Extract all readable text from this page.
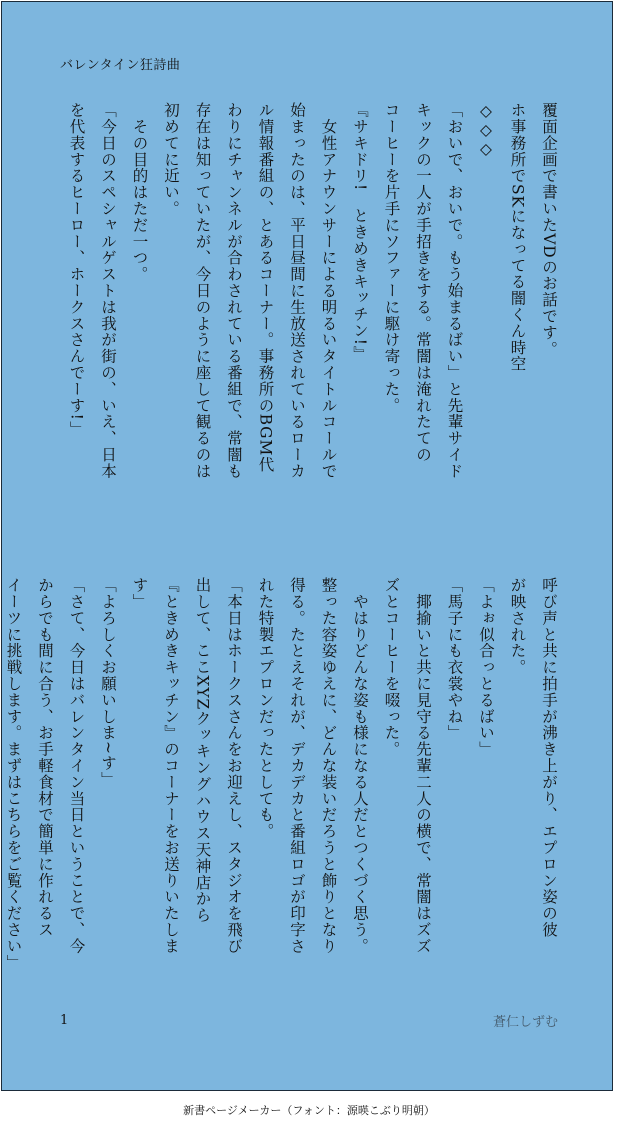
バレンタイン狂詩曲
覆面企画で書いたVDのお話です。
ホ事務所でSKになってる闇くん時空
◇◇◇
「おいで、おいで。もう始まるばい」と先輩サイド
キックの一人が手招きをする。常闇は淹れたての
コーヒーを片手にソファーに駆け寄った。
『サキドリ!　ときめきキッチン!』
　女性アナウンサーによる明るいタイトルコールで
始まったのは、平日昼間に生放送されているローカ
ル情報番組の、とあるコーナー。事務所のBGM代
わりにチャンネルが合わされている番組で、常闇も
存在は知っていたが、今日のように座して観るのは
初めてに近い。
　その目的はただ一つ。
「今日のスペシャルゲストは我が街の、いえ、日本
を代表するヒーロー、ホークスさんでーす!」
呼び声と共に拍手が沸き上がり、エプロン姿の彼
が映された。
「よぉ似合っとるばい」
「馬子にも衣裳やね」
　揶揄いと共に見守る先輩二人の横で、常闇はズズ
ズとコーヒーを啜った。
　やはりどんな姿も様になる人だとつくづく思う。
整った容姿ゆえに、どんな装いだろうと飾りとなり
得る。たとえそれが、デカデカと番組ロゴが印字さ
れた特製エプロンだったとしても。
「本日はホークスさんをお迎えし、スタジオを飛び
出して、ここXYZクッキングハウス天神店から
『ときめきキッチン』のコーナーをお送りいたしま
す」
「よろしくお願いしま~す」
「さて、今日はバレンタイン当日ということで、今
からでも間に合う、お手軽食材で簡単に作れるス
イーツに挑戦します。まずはこちらをご覧ください」
1	蒼仁しずむ
新書ページメーカー（フォント：源暎こぶり明朝）
